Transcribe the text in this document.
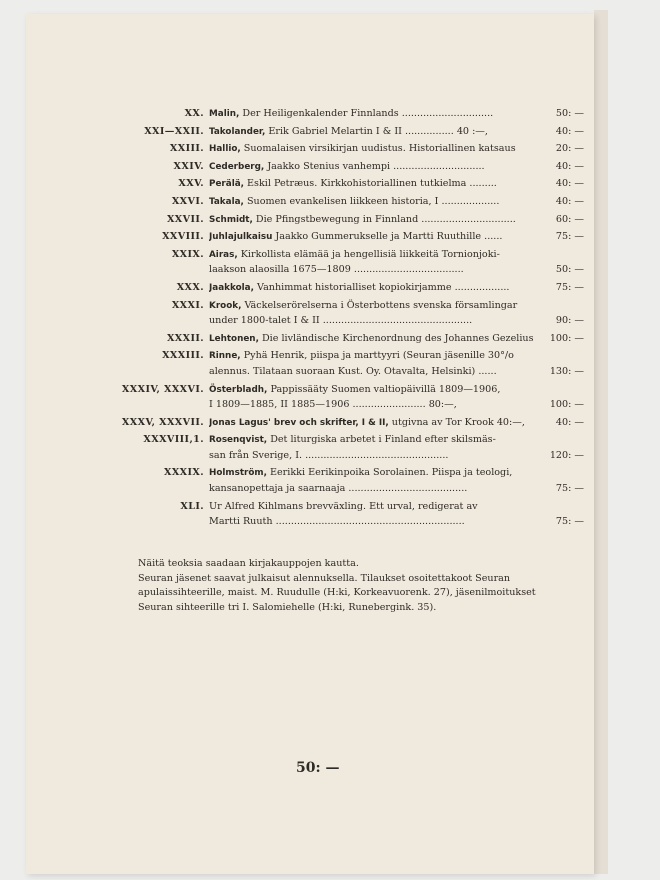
XX. Malin, Der Heiligenkalender Finnlands ..............................	50: —
XXI—XXII. Takolander, Erik Gabriel Melartin I & II ................ 40 :—,	40: —
XXIII. Hallio, Suomalaisen virsikirjan uudistus. Historiallinen katsaus	20: —
XXIV. Cederberg, Jaakko Stenius vanhempi ..............................	40: —
XXV. Perälä, Eskil Petræus. Kirkkohistoriallinen tutkielma .........	40: —
XXVI. Takala, Suomen evankelisen liikkeen historia, I ...................	40: —
XXVII. Schmidt, Die Pfingstbewegung in Finnland ...............................	60: —
XXVIII. Juhlajulkaisu Jaakko Gummerukselle ja Martti Ruuthille ......	75: —
XXIX. Airas, Kirkollista elämää ja hengellisiä liikkeitä Tornionjoki-
laakson alaosilla 1675—1809 ....................................	50: —
XXX. Jaakkola, Vanhimmat historialliset kopiokirjamme ..................	75: —
XXXI. Krook, Väckelserörelserna i Österbottens svenska församlingar
under 1800-talet I & II .................................................	90: —
XXXII. Lehtonen, Die livländische Kirchenordnung des Johannes Gezelius	100: —
XXXIII. Rinne, Pyhä Henrik, piispa ja marttyyri (Seuran jäsenille 30°/o
alennus. Tilataan suoraan Kust. Oy. Otavalta, Helsinki) ......	130: —
XXXIV, XXXVI. Österbladh, Pappissääty Suomen valtiopäivillä 1809—1906,
I 1809—1885, II 1885—1906 ........................ 80:—,	100: —
XXXV, XXXVII. Jonas Lagus' brev och skrifter, I & II, utgivna av Tor Krook 40:—,	40: —
XXXVIII,1. Rosenqvist, Det liturgiska arbetet i Finland efter skilsmäs-
san från Sverige, I. ...............................................	120: —
XXXIX. Holmström, Eerikki Eerikinpoika Sorolainen. Piispa ja teologi,
kansanopettaja ja saarnaaja .......................................	75: —
XLI. Ur Alfred Kihlmans brevväxling. Ett urval, redigerat av
Martti Ruuth ..............................................................	75: —
Näitä teoksia saadaan kirjakauppojen kautta.
Seuran jäsenet saavat julkaisut alennuksella. Tilaukset osoitettakoot Seuran
apulaissihteerille, maist. M. Ruudulle (H:ki, Korkeavuorenk. 27), jäsenilmoitukset
Seuran sihteerille tri I. Salomiehelle (H:ki, Runebergink. 35).
50: —
